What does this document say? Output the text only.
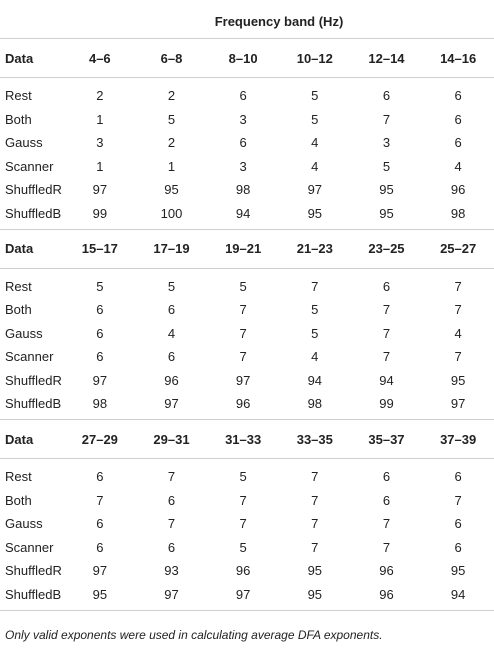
Frequency band (Hz)						
Data	4–6	6–8	8–10	10–12	12–14	14–16
Rest	2	2	6	5	6	6
Both	1	5	3	5	7	6
Gauss	3	2	6	4	3	6
Scanner	1	1	3	4	5	4
ShuffledR	97	95	98	97	95	96
ShuffledB	99	100	94	95	95	98
Data	15–17	17–19	19–21	21–23	23–25	25–27
Rest	5	5	5	7	6	7
Both	6	6	7	5	7	7
Gauss	6	4	7	5	7	4
Scanner	6	6	7	4	7	7
ShuffledR	97	96	97	94	94	95
ShuffledB	98	97	96	98	99	97
Data	27–29	29–31	31–33	33–35	35–37	37–39
Rest	6	7	5	7	6	6
Both	7	6	7	7	6	7
Gauss	6	7	7	7	7	6
Scanner	6	6	5	7	7	6
ShuffledR	97	93	96	95	96	95
ShuffledB	95	97	97	95	96	94
Only valid exponents were used in calculating average DFA exponents.
